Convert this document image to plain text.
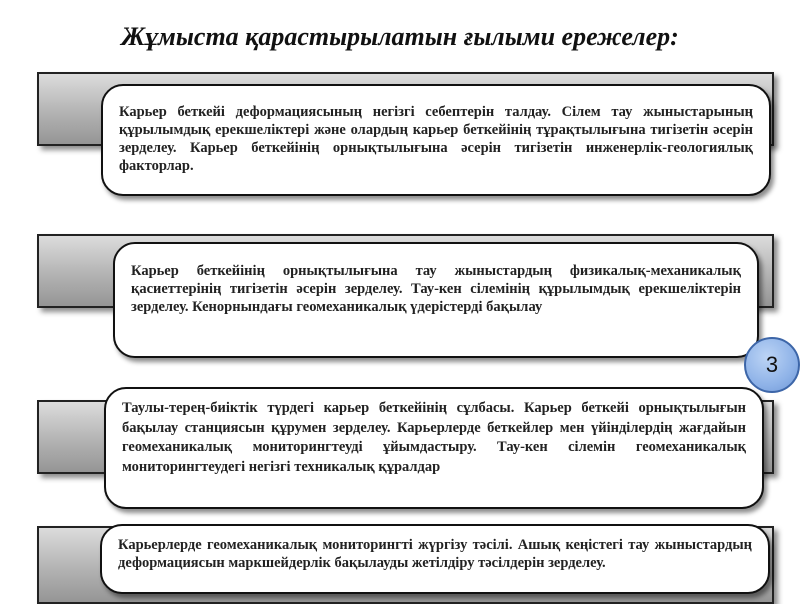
Жұмыста қарастырылатын ғылыми ережелер:
Карьер беткейі деформациясының негізгі себептерін талдау. Сілем тау жыныстарының құрылымдық ерекшеліктері және олардың карьер беткейінің тұрақтылығына тигізетін әсерін зерделеу. Карьер беткейінің орнықтылығына әсерін тигізетін инженерлік-геологиялық факторлар.
Карьер беткейінің орнықтылығына тау жыныстардың физикалық-механикалық қасиеттерінің тигізетін әсерін зерделеу. Тау-кен сілемінің құрылымдық ерекшеліктерін зерделеу. Кенорнындағы геомеханикалық үдерістерді бақылау
Таулы-терең-биіктік түрдегі карьер беткейінің сұлбасы. Карьер беткейі орнықтылығын бақылау станциясын құрумен зерделеу. Карьерлерде беткейлер мен үйінділердің жағдайын геомеханикалық мониторингтеуді ұйымдастыру. Тау-кен сілемін геомеханикалық мониторингтеудегі негізгі техникалық құралдар
Карьерлерде геомеханикалық мониторингті жүргізу тәсілі. Ашық кеңістегі тау жыныстардың деформациясын маркшейдерлік бақылауды жетілдіру тәсілдерін зерделеу.
3
